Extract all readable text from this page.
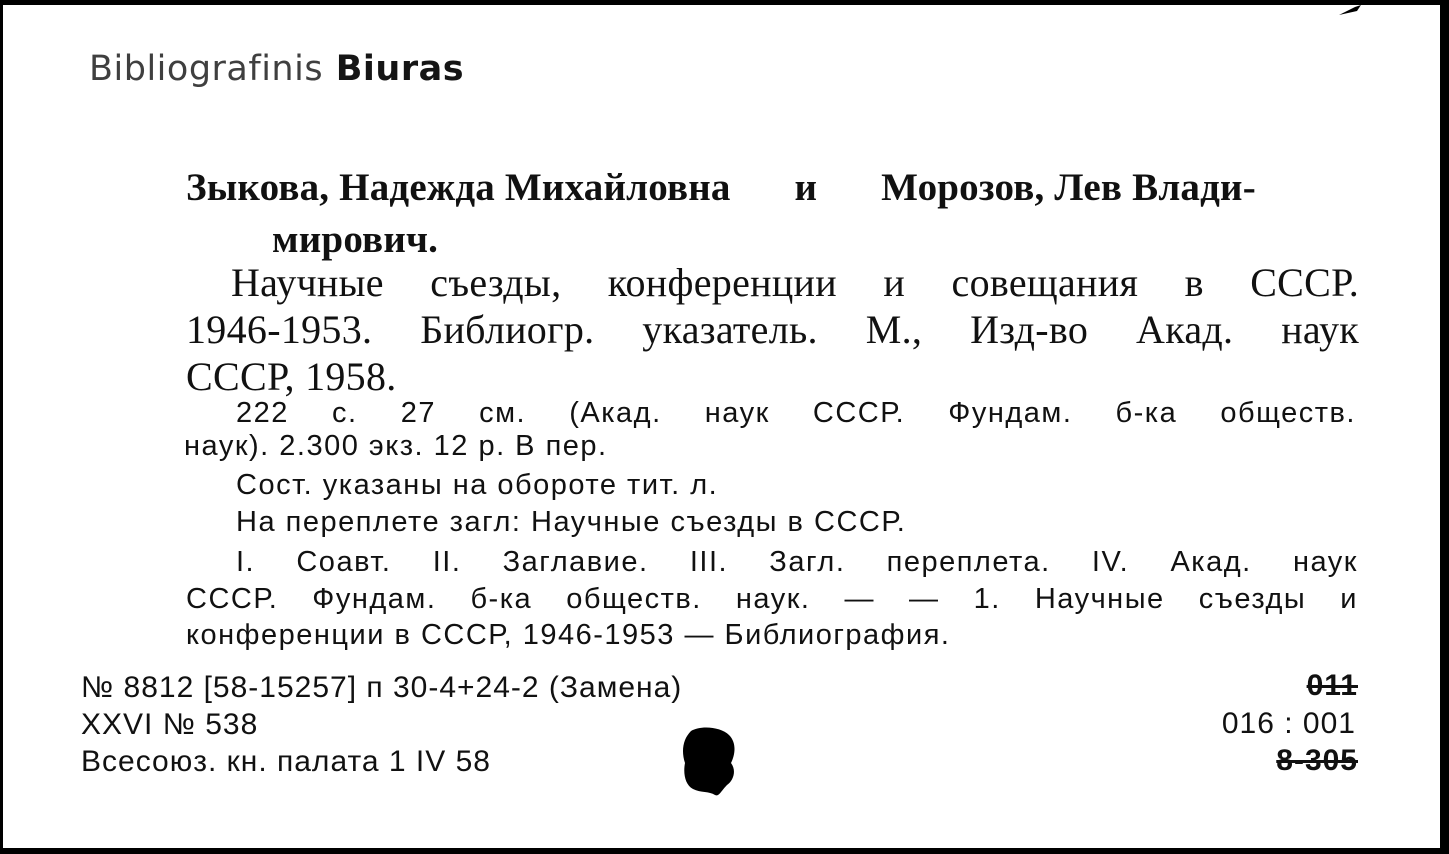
Bibliografinis Biuras
Зыкова, Надежда Михайловна и Морозов, Лев Влади-
мирович.
Научные съезды, конференции и совещания в СССР.
1946-1953. Библиогр. указатель. М., Изд-во Акад. наук
СССР, 1958.
222 с. 27 см. (Акад. наук СССР. Фундам. б-ка обществ.
наук). 2.300 экз. 12 р. В пер.
Сост. указаны на обороте тит. л.
На переплете загл: Научные съезды в СССР.
I. Соавт. II. Заглавие. III. Загл. переплета. IV. Акад. наук
СССР. Фундам. б-ка обществ. наук. — — 1. Научные съезды и
конференции в СССР, 1946-1953 — Библиография.
№ 8812 [58-15257] п 30-4+24-2 (Замена)
XXVI № 538
Всесоюз. кн. палата 1 IV 58
011
016 : 001
8-305
